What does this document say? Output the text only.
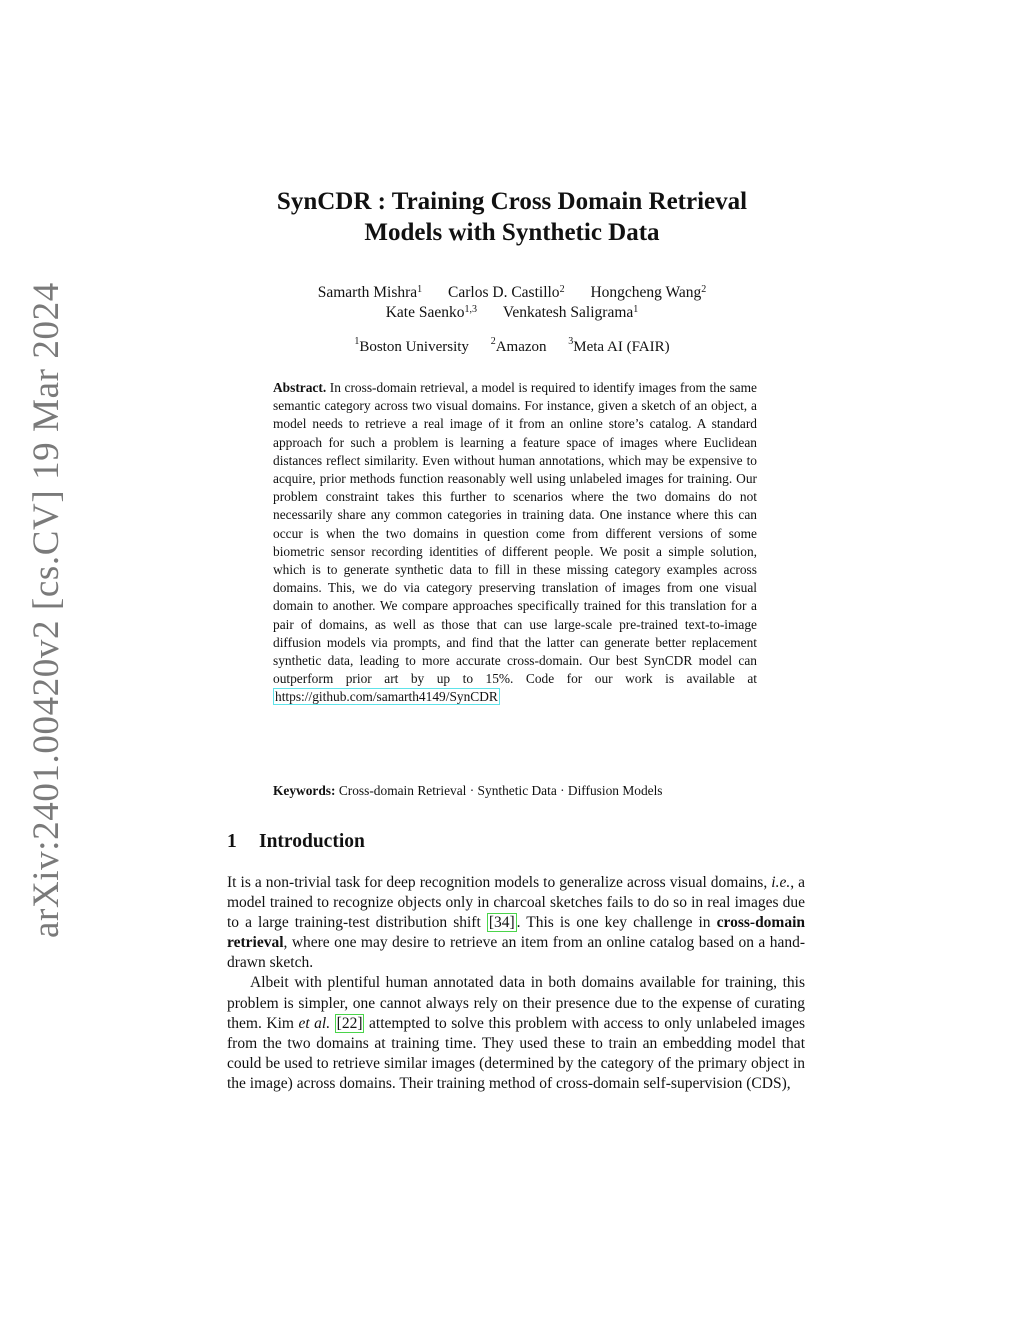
arXiv:2401.00420v2 [cs.CV] 19 Mar 2024
SynCDR : Training Cross Domain Retrieval
Models with Synthetic Data
Samarth Mishra$^1$ Carlos D. Castillo$^2$ Hongcheng Wang$^2$
Kate Saenko$^{1,3}$ Venkatesh Saligrama$^1$
$^1$Boston University $^2$Amazon $^3$Meta AI (FAIR)
Abstract. In cross-domain retrieval, a model is required to identify images from the same semantic category across two visual domains. For instance, given a sketch of an object, a model needs to retrieve a real image of it from an online store’s catalog. A standard approach for such a problem is learning a feature space of images where Euclidean distances reflect similarity. Even without human annotations, which may be expensive to acquire, prior methods function reasonably well using unlabeled images for training. Our problem constraint takes this further to scenarios where the two domains do not necessarily share any common categories in training data. One instance where this can occur is when the two domains in question come from different versions of some biometric sensor recording identities of different people. We posit a simple solution, which is to generate synthetic data to fill in these missing category examples across domains. This, we do via category preserving translation of images from one visual domain to another. We compare approaches specifically trained for this translation for a pair of domains, as well as those that can use large-scale pre-trained text-to-image diffusion models via prompts, and find that the latter can generate better replacement synthetic data, leading to more accurate cross-domain. Our best SynCDR model can outperform prior art by up to 15%. Code for our work is available at https://github.com/samarth4149/SynCDR
Keywords: Cross-domain Retrieval · Synthetic Data · Diffusion Models
1 Introduction

It is a non-trivial task for deep recognition models to generalize across visual domains, i.e., a model trained to recognize objects only in charcoal sketches fails to do so in real images due to a large training-test distribution shift [34] . This is one key challenge in cross-domain retrieval, where one may desire to retrieve an item from an online catalog based on a hand-drawn sketch.

Albeit with plentiful human annotated data in both domains available for training, this problem is simpler, one cannot always rely on their presence due to the expense of curating them. Kim et al. [22] attempted to solve this problem with access to only unlabeled images from the two domains at training time. They used these to train an embedding model that could be used to retrieve similar images (determined by the category of the primary object in the image) across domains. Their training method of cross-domain self-supervision (CDS),
